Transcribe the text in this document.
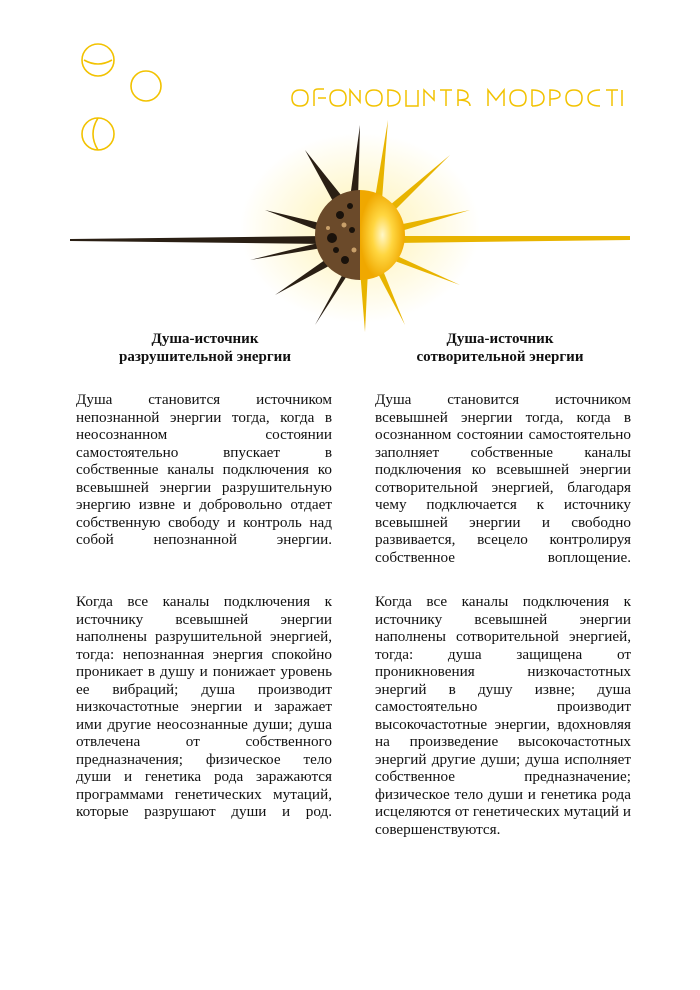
Душа-источник
разрушительной энергии
Душа-источник
сотворительной энергии

Душа становится источником непознанной энергии тогда, когда в неосознанном состоянии самостоятельно впускает в собственные каналы подключения ко всевышней энергии разрушительную энергию извне и добровольно отдает собственную свободу и контроль над собой непознанной энергии.

Когда все каналы подключения к источнику всевышней энергии наполнены разрушительной энергией, тогда: непознанная энергия спокойно проникает в душу и понижает уровень ее вибраций; душа производит низкочастотные энергии и заражает ими другие неосознанные души; душа отвлечена от собственного предназначения; физическое тело души и генетика рода заражаются программами генетических мутаций, которые разрушают души и род.

Душа становится источником всевышней энергии тогда, когда в осознанном состоянии самостоятельно заполняет собственные каналы подключения ко всевышней энергии сотворительной энергией, благодаря чему подключается к источнику всевышней энергии и свободно развивается, всецело контролируя собственное воплощение.

Когда все каналы подключения к источнику всевышней энергии наполнены сотворительной энергией, тогда: душа защищена от проникновения низкочастотных энергий в душу извне; душа самостоятельно производит высокочастотные энергии, вдохновляя на произведение высокочастотных энергий другие души; душа исполняет собственное предназначение; физическое тело души и генетика рода исцеляются от генетических мутаций и совершенствуются.
